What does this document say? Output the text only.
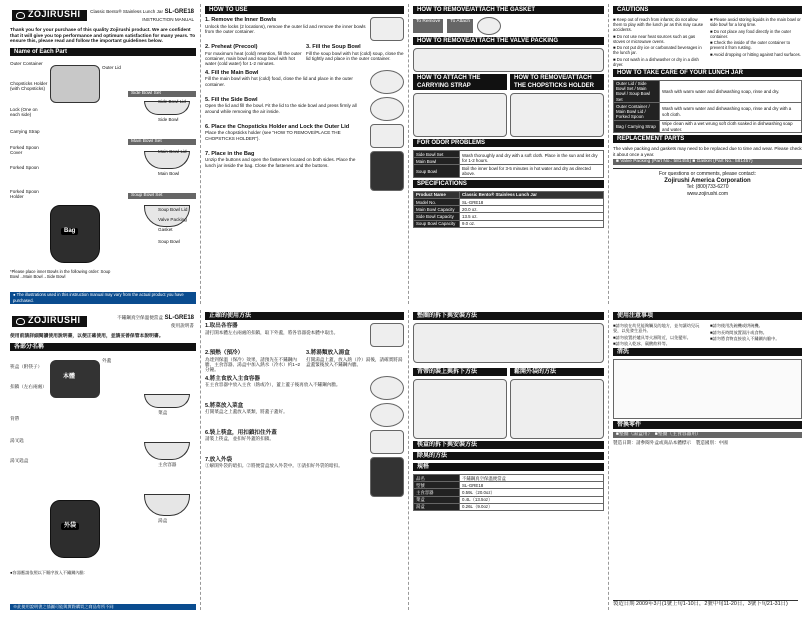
ZOJIRUSHI Classic Bento® Stainless Lunch Jar SL-GRE18
INSTRUCTION MANUAL
Thank you for your purchase of this quality Zojirushi product. We are confident that it will give you top performance and optimum satisfaction for many years. To ensure this, please read and follow the important guidelines below.
Name of Each Part
Outer Container
Outer Lid
Chopsticks Holder (with Chopsticks)
Lock (One on each side)
Carrying Strap
Forked Spoon Cover
Forked Spoon
Forked Spoon Holder
Bag
Side Bowl Set
Side Bowl Lid
Side Bowl
Main Bowl Set
Main Bowl Lid
Main Bowl
Soup Bowl Set
Soup Bowl Lid
Valve Packing
Gasket
Soup Bowl
*Please place inner Bowls in the following order: Soup Bowl→Main Bowl→Side Bowl
● The illustrations used in this instruction manual may vary from the actual product you have purchased.
HOW TO USE
1. Remove the Inner Bowls
Unlock the locks (2 locations), remove the outer lid and remove the inner bowls from the outer container.
2. Preheat (Precool)
For maximum heat (cold) retention, fill the outer container, main bowl and soup bowl with hot water (cold water) for 1-2 minutes.
3. Fill the Soup Bowl
Fill the soup bowl with hot (cold) soup, close the lid tightly and place in the outer container.
4. Fill the Main Bowl
Fill the main bowl with hot (cold) food, close the lid and place in the outer container.
5. Fill the Side Bowl
Open the lid and fill the bowl. Fit the lid to the side bowl and press firmly all around while removing the air inside.
6. Place the Chopsticks Holder and Lock the Outer Lid
Place the chopsticks holder (see "HOW TO REMOVE/PLACE THE CHOPSTICKS HOLDER").
7. Place in the Bag
Unzip the buttons and open the fasteners located on both sides. Place the lunch jar inside the bag. Close the fasteners and the buttons.
HOW TO REMOVE/ATTACH THE GASKET
To Remove	To Attach
HOW TO REMOVE/ATTACH THE VALVE PACKING
HOW TO ATTACH THE CARRYING STRAP
HOW TO REMOVE/ATTACH THE CHOPSTICKS HOLDER
FOR ODOR PROBLEMS
Side Bowl Set	Wash thoroughly and dry with a soft cloth. Place in the sun and let dry for 1-2 hours.
Main Bowl	
Soup Bowl	Boil the inner bowl for 3-5 minutes in hot water and dry as directed above.
SPECIFICATIONS
Product Name	Classic Bento® Stainless Lunch Jar
Model No.	SL-GRE18
Main Bowl Capacity	20.0 oz.
Side Bowl Capacity	13.5 oz.
Soup Bowl Capacity	9.0 oz.
CAUTIONS

■ Keep out of reach from infants; do not allow them to play with the lunch jar as this may cause accidents.

■ Do not use near heat sources such as gas stoves or microwave ovens.

■ Do not put dry ice or carbonated beverages in the lunch jar.

■ Do not wash in a dishwasher or dry in a dish dryer.

■ Please avoid storing liquids in the main bowl or side bowl for a long time.

■ Do not place any food directly in the outer container.

■ Check the inside of the outer container to prevent it from rusting.

■ Avoid dropping or hitting against hard surfaces.

HOW TO TAKE CARE OF YOUR LUNCH JAR
Outer Lid / Side Bowl Set / Main Bowl / Soup Bowl Set	Wash with warm water and dishwashing soap, rinse and dry.
Outer Container / Main Bowl Lid / Forked Spoon	Wash with warm water and dishwashing soap, rinse and dry with a soft cloth.
Bag / Carrying Strap	Wipe clean with a wet wrung soft cloth soaked in dishwashing soap and water.
REPLACEMENT PARTS
The valve packing and gaskets may need to be replaced due to time and wear. Please check it about once a year.
■ Valve Packing (Part No.: 581455) ■ Gasket (Part No.: 581457)
For questions or comments, please contact:
Zojirushi America Corporation
Tel: (800)733-6270
www.zojirushi.com
ZOJIRUSHI	不鏽鋼真空保溫便當盒 SL-GRE18
使用說明書
使用前請詳細閱讀使用說明書，以便正確使用，並請妥善保管本說明書。
各部分名稱
本體
外蓋
筷盒（附筷子）
扣鎖（左右兩處）
背帶
湯叉匙
湯叉匙盒
外袋
菜盒
主食容器
湯盒
●容器應請依照以下順序放入不鏽鋼內膽：
※此使用說明書之插圖可能與實際購買之商品有所不同
正確的使用方法
1.取出各容器
請打開本體左右兩處的扣鎖，取下外蓋，將各容器從本體中取出。
2.預熱（預冷）
為達到保溫（保冷）效果，請預先在不鏽鋼內膽、主食容器、湯盒中加入熱水（冷水）約1~2分鐘。
3.將湯類放入湯盒
打開湯盒上蓋，放入熱（冷）湯後，請確實將湯盒蓋緊後放入不鏽鋼內膽。
4.將主食放入主食容器
在主食容器中放入主食（熱或冷），蓋上蓋子後再放入不鏽鋼內膽。
5.將菜放入菜盒
打開菜盒之上蓋放入菜類，將蓋子蓋好。
6.裝上筷盒，用扣鎖扣住外蓋
請裝上筷盒，並扣好外蓋的扣鎖。
7.放入外袋
①解開外袋的暗扣。②將便當盒放入外袋中。③請扣好外袋的暗扣。
墊圈的拆下與安裝方法
背帶的裝上與拆下方法	鬆開外袋的方法
筷盒的拆下與安裝方法
除臭的方法
規格
品名	不鏽鋼真空保溫便當盒
型號	SL-GRE18
主食容器	0.59L（20.0oz）
菜盒	0.4L（13.5oz）
湯盒	0.26L（9.0oz）
使用注意事項

■請勿放在幼兒能夠觸及的地方，並勿讓幼兒玩耍，以免發生意外。

■請勿放置於爐具等火源附近，以免變形。

■請勿放入乾冰、碳酸飲料等。

■請勿使用洗碗機或烘碗機。

■請勿長時間放置湯汁或食物。

■請勿將食物直接放入不鏽鋼內膽中。

清洗
替換零件
■墊圈（湯盒用）　■墊圈（主食容器用）
製造日期：請參閱外盒或商品本體標示　製造國別：中國
製造日期 2009年3月(1號上旬1-10日，2號中旬11-20日，3號下旬21-31日)
